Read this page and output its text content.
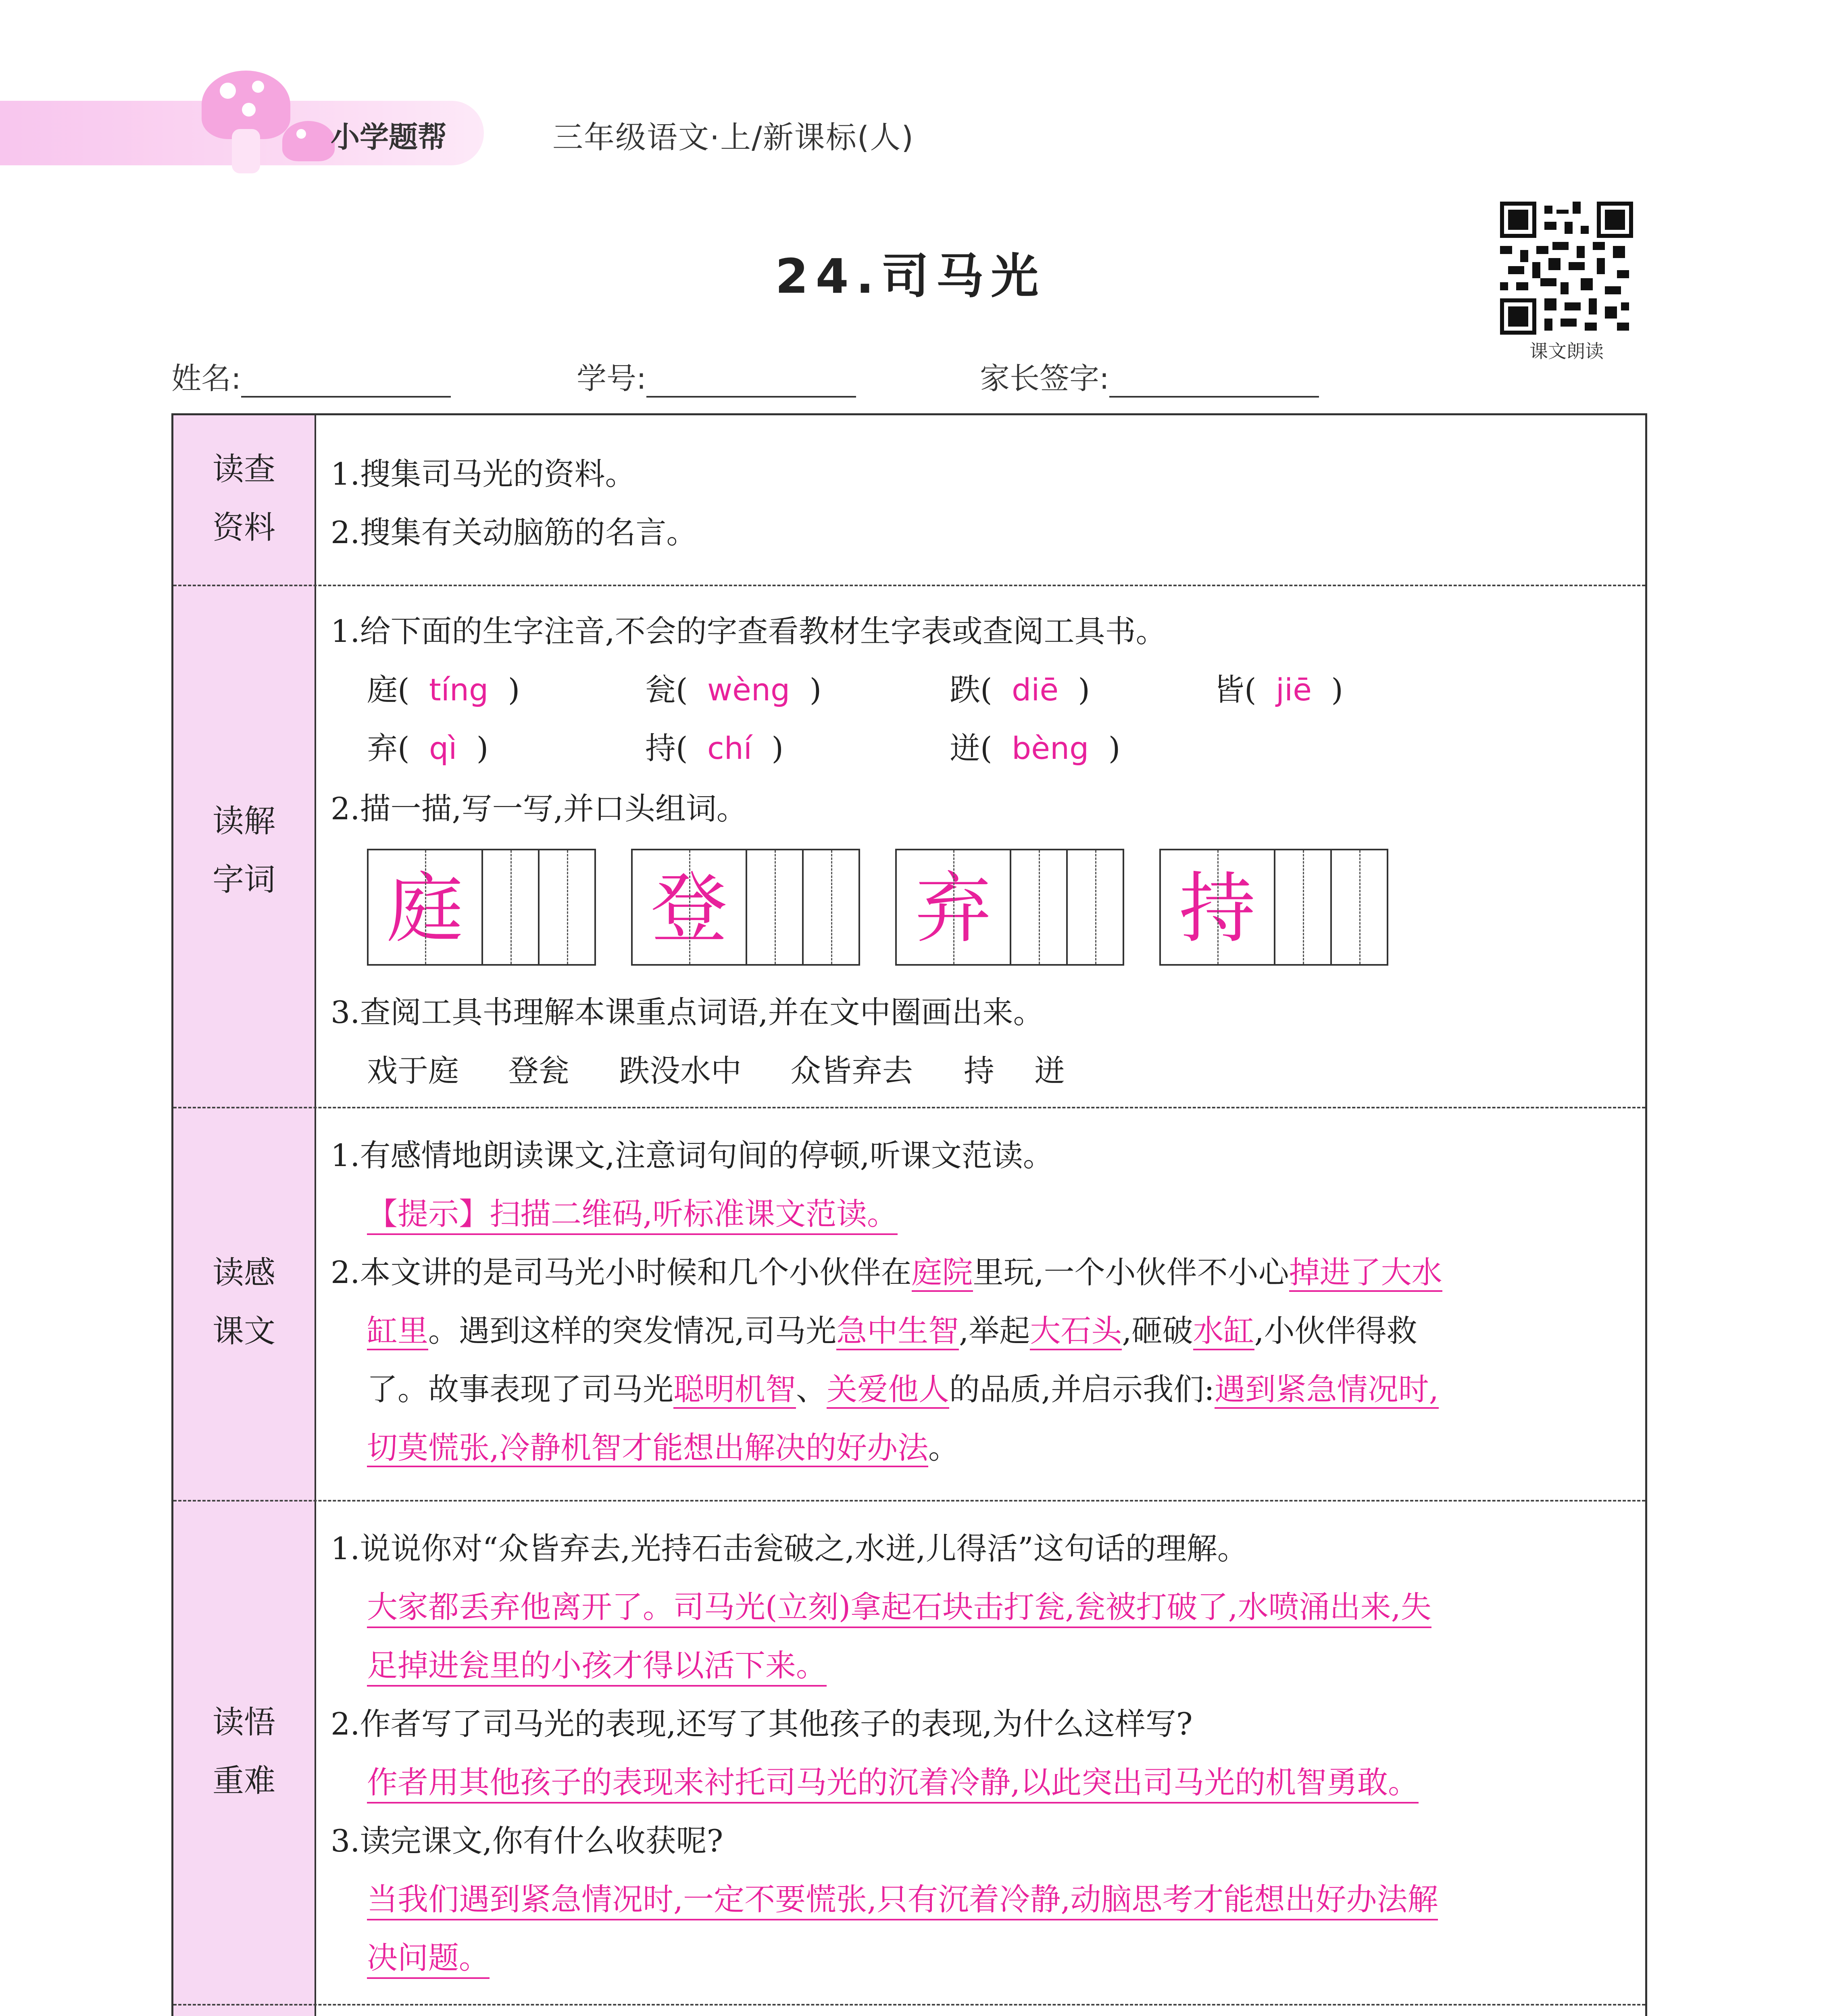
小学题帮	三年级语文·上/新课标(人)
24.司马光
课文朗读
姓名:	学号:	家长签字:
读查
资料
1.搜集司马光的资料。
2.搜集有关动脑筋的名言。
读解
字词
1.给下面的生字注音,不会的字查看教材生字表或查阅工具书。
庭(  tíng  )	瓮(  wèng  )	跌(  diē  )	皆(  jiē  )
弃(  qì  )	持(  chí  )	迸(  bèng  )
2.描一描,写一写,并口头组词。
庭 登 弃 持
3.查阅工具书理解本课重点词语,并在文中圈画出来。
戏于庭 登瓮 跌没水中 众皆弃去 持 迸
读感
课文
1.有感情地朗读课文,注意词句间的停顿,听课文范读。
【提示】扫描二维码,听标准课文范读。
2.本文讲的是司马光小时候和几个小伙伴在庭院里玩,一个小伙伴不小心掉进了大水
缸里。遇到这样的突发情况,司马光急中生智,举起大石头,砸破水缸,小伙伴得救
了。故事表现了司马光聪明机智、关爱他人的品质,并启示我们:遇到紧急情况时,
切莫慌张,冷静机智才能想出解决的好办法。
读悟
重难
1.说说你对“众皆弃去,光持石击瓮破之,水迸,儿得活”这句话的理解。
大家都丢弃他离开了。司马光(立刻)拿起石块击打瓮,瓮被打破了,水喷涌出来,失
足掉进瓮里的小孩才得以活下来。
2.作者写了司马光的表现,还写了其他孩子的表现,为什么这样写?
作者用其他孩子的表现来衬托司马光的沉着冷静,以此突出司马光的机智勇敢。
3.读完课文,你有什么收获呢?
当我们遇到紧急情况时,一定不要慌张,只有沉着冷静,动脑思考才能想出好办法解
决问题。
